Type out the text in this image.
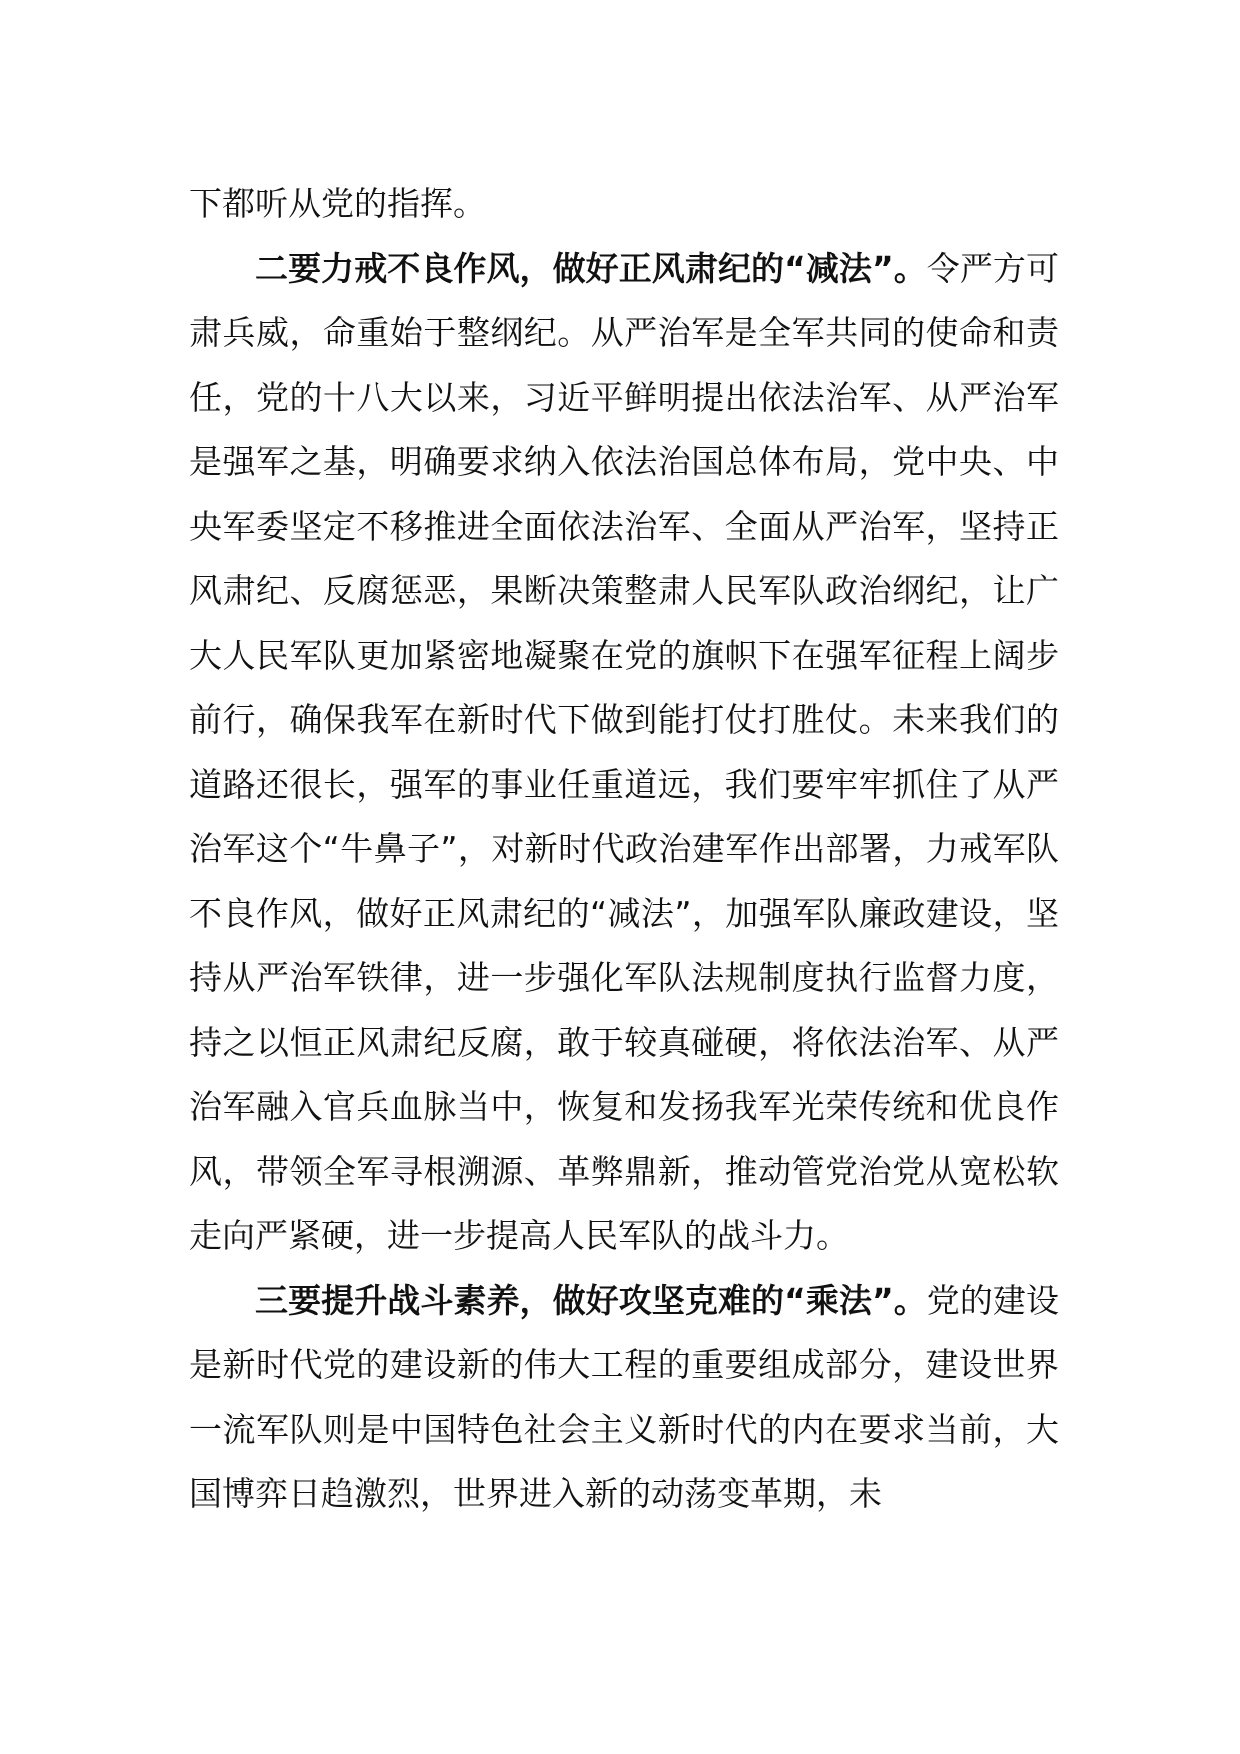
下都听从党的指挥。

二要力戒不良作风，做好正风肃纪的“减法”。令严方可肃兵威，命重始于整纲纪。从严治军是全军共同的使命和责任，党的十八大以来，习近平鲜明提出依法治军、从严治军是强军之基，明确要求纳入依法治国总体布局，党中央、中央军委坚定不移推进全面依法治军、全面从严治军，坚持正风肃纪、反腐惩恶，果断决策整肃人民军队政治纲纪，让广大人民军队更加紧密地凝聚在党的旗帜下在强军征程上阔步前行，确保我军在新时代下做到能打仗打胜仗。未来我们的道路还很长，强军的事业任重道远，我们要牢牢抓住了从严治军这个“牛鼻子”，对新时代政治建军作出部署，力戒军队不良作风，做好正风肃纪的“减法”，加强军队廉政建设，坚持从严治军铁律，进一步强化军队法规制度执行监督力度，持之以恒正风肃纪反腐，敢于较真碰硬，将依法治军、从严治军融入官兵血脉当中，恢复和发扬我军光荣传统和优良作风，带领全军寻根溯源、革弊鼎新，推动管党治党从宽松软走向严紧硬，进一步提高人民军队的战斗力。

三要提升战斗素养，做好攻坚克难的“乘法”。党的建设是新时代党的建设新的伟大工程的重要组成部分，建设世界一流军队则是中国特色社会主义新时代的内在要求当前，大国博弈日趋激烈，世界进入新的动荡变革期，未
